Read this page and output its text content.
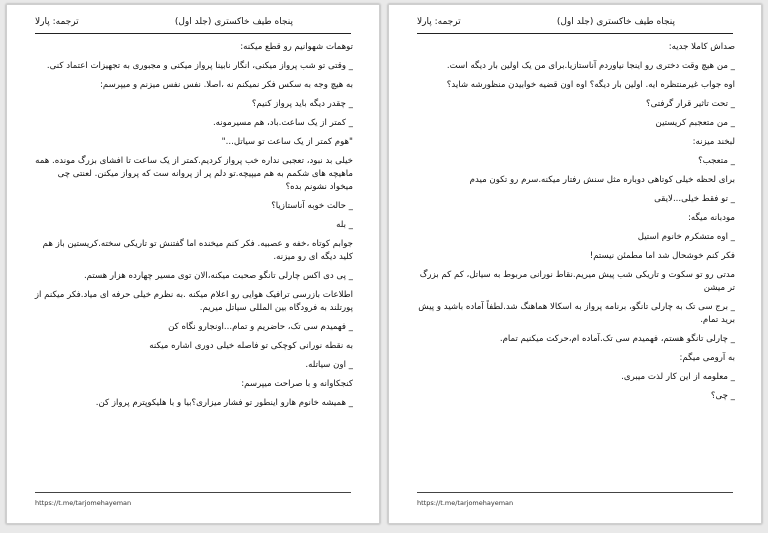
پنجاه طیف خاکستری (جلد اول)
ترجمه: پارلا

توهمات شهوانیم رو قطع میکنه:

_ وقتی تو شب پرواز میکنی، انگار نابینا پرواز میکنی و مجبوری به تجهیزات اعتماد کنی.

به هیچ وجه به سکس فکر نمیکنم نه ،اصلا. نفس نفس میزنم و میپرسم:

_ چقدر دیگه باید پرواز کنیم؟

_ کمتر از یک ساعت.باد، هم مسیرمونه.

"هوم کمتر از یک ساعت تو سیاتل..."

خیلی بد نبود، تعجبی نداره خب پرواز کردیم.کمتر از یک ساعت تا افشای بزرگ مونده. همه ماهیچه های شکمم به هم میپیچه.تو دلم پر از پروانه ست که پرواز میکنن. لعنتی چی میخواد نشونم بده؟

_ حالت خوبه آناستازیا؟

_ بله

جوابم کوتاه ،خفه و عصبیه. فکر کنم میخنده اما گفتنش تو تاریکی سخته.کریستین باز هم کلید دیگه ای رو میزنه.

_ پی دی اکس چارلی تانگو صحبت میکنه،الان توی مسیر چهارده هزار هستم.

اطلاعات بازرسی ترافیک هوایی رو اعلام میکنه .به نظرم خیلی حرفه ای میاد.فکر میکنم از پورتلند به فرودگاه بین المللی سیاتل میریم.

_ فهمیدم سی تک، حاضریم و تمام...اونجارو نگاه کن

به نقطه نورانی کوچکی تو فاصله خیلی دوری اشاره میکنه

_ اون سیاتله.

کنجکاوانه و با صراحت میپرسم:

_ همیشه خانوم هارو اینطور تو فشار میزاری؟بیا و با هلیکوپترم پرواز کن.

https://t.me/tarjomehayeman
پنجاه طیف خاکستری (جلد اول)
ترجمه: پارلا

صداش کاملا جدیه:

_ من هیچ وقت دختری رو اینجا نیاوردم آناستازیا.برای من یک اولین بار دیگه است.

اوه جواب غیرمنتظره ایه. اولین بار دیگه؟ اوه اون قضیه خوابیدن منظورشه شاید؟

_ تحت تاثیر قرار گرفتی؟

_ من متعجبم کریستین

لبخند میزنه:

_ متعجب؟

برای لحظه خیلی کوتاهی دوباره مثل سنش رفتار میکنه.سرم رو تکون میدم

_ تو فقط خیلی...لایقی

مودبانه میگه:

_ اوه متشکرم خانوم استیل

فکر کنم خوشحال شد اما مطمئن نیستم!

مدتی رو تو سکوت و تاریکی شب پیش میریم.نقاط نورانی مربوط به سیاتل، کم کم بزرگ تر میشن

_ برج سی تک به چارلی تانگو، برنامه پرواز به اسکالا هماهنگ شد.لطفاً آماده باشید و پیش برید تمام.

_ چارلی تانگو هستم، فهمیدم سی تک.آماده ام،حرکت میکنیم تمام.

به آرومی میگم:

_ معلومه از این کار لذت میبری.

_ چی؟

https://t.me/tarjomehayeman
